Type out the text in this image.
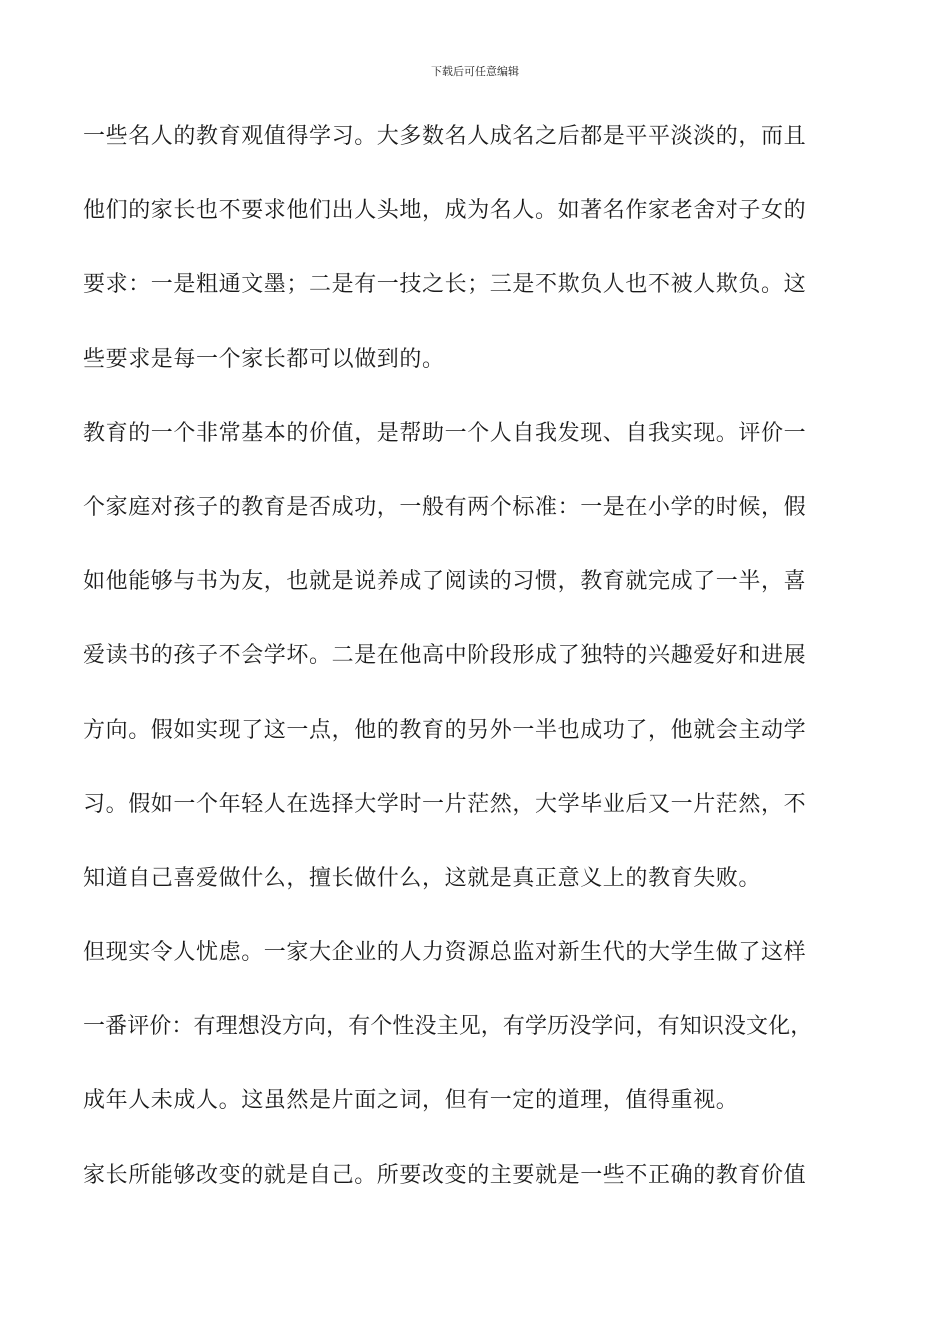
下载后可任意编辑
一些名人的教育观值得学习。大多数名人成名之后都是平平淡淡的，而且
他们的家长也不要求他们出人头地，成为名人。如著名作家老舍对子女的
要求：一是粗通文墨；二是有一技之长；三是不欺负人也不被人欺负。这
些要求是每一个家长都可以做到的。
教育的一个非常基本的价值，是帮助一个人自我发现、自我实现。评价一
个家庭对孩子的教育是否成功，一般有两个标准：一是在小学的时候，假
如他能够与书为友，也就是说养成了阅读的习惯，教育就完成了一半，喜
爱读书的孩子不会学坏。二是在他高中阶段形成了独特的兴趣爱好和进展
方向。假如实现了这一点，他的教育的另外一半也成功了，他就会主动学
习。假如一个年轻人在选择大学时一片茫然，大学毕业后又一片茫然，不
知道自己喜爱做什么，擅长做什么，这就是真正意义上的教育失败。
但现实令人忧虑。一家大企业的人力资源总监对新生代的大学生做了这样
一番评价：有理想没方向，有个性没主见，有学历没学问，有知识没文化，
成年人未成人。这虽然是片面之词，但有一定的道理，值得重视。
家长所能够改变的就是自己。所要改变的主要就是一些不正确的教育价值
